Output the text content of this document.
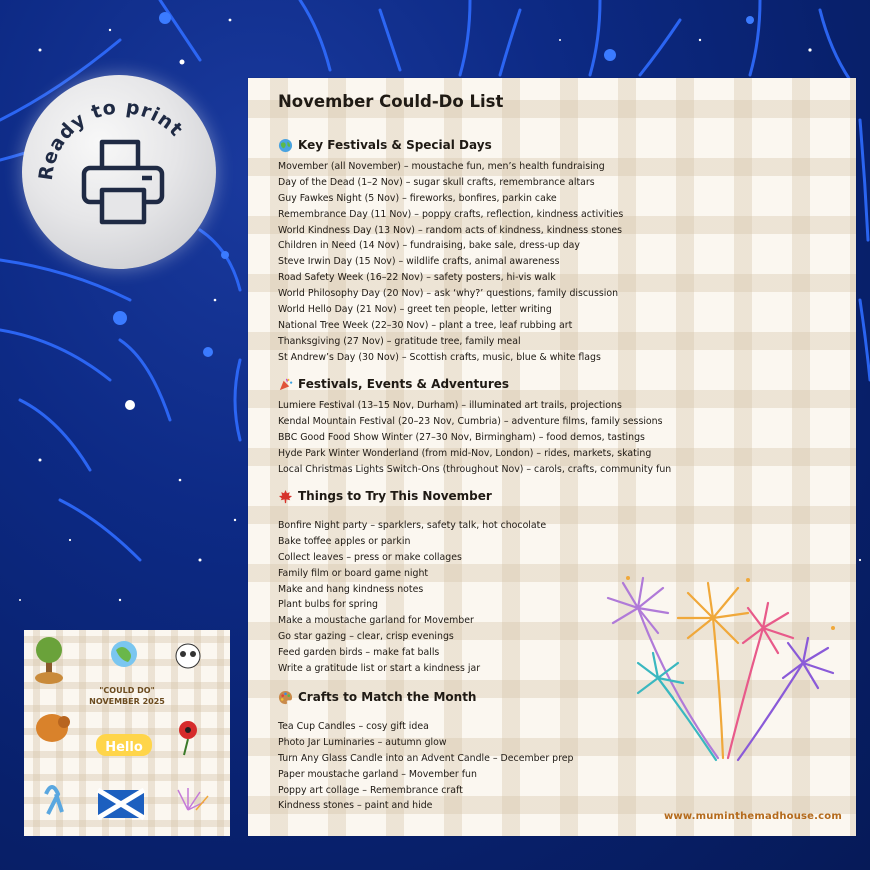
Ready to print
Hello
"COULD DO"
NOVEMBER 2025
November Could-Do List
Key Festivals & Special Days
Movember (all November) – moustache fun, men’s health fundraising
Day of the Dead (1–2 Nov) – sugar skull crafts, remembrance altars
Guy Fawkes Night (5 Nov) – fireworks, bonfires, parkin cake
Remembrance Day (11 Nov) – poppy crafts, reflection, kindness activities
World Kindness Day (13 Nov) – random acts of kindness, kindness stones
Children in Need (14 Nov) – fundraising, bake sale, dress-up day
Steve Irwin Day (15 Nov) – wildlife crafts, animal awareness
Road Safety Week (16–22 Nov) – safety posters, hi-vis walk
World Philosophy Day (20 Nov) – ask ‘why?’ questions, family discussion
World Hello Day (21 Nov) – greet ten people, letter writing
National Tree Week (22–30 Nov) – plant a tree, leaf rubbing art
Thanksgiving (27 Nov) – gratitude tree, family meal
St Andrew’s Day (30 Nov) – Scottish crafts, music, blue & white flags
Festivals, Events & Adventures
Lumiere Festival (13–15 Nov, Durham) – illuminated art trails, projections
Kendal Mountain Festival (20–23 Nov, Cumbria) – adventure films, family sessions
BBC Good Food Show Winter (27–30 Nov, Birmingham) – food demos, tastings
Hyde Park Winter Wonderland (from mid-Nov, London) – rides, markets, skating
Local Christmas Lights Switch-Ons (throughout Nov) – carols, crafts, community fun
Things to Try This November
Bonfire Night party – sparklers, safety talk, hot chocolate
Bake toffee apples or parkin
Collect leaves – press or make collages
Family film or board game night
Make and hang kindness notes
Plant bulbs for spring
Make a moustache garland for Movember
Go star gazing – clear, crisp evenings
Feed garden birds – make fat balls
Write a gratitude list or start a kindness jar
Crafts to Match the Month
Tea Cup Candles – cosy gift idea
Photo Jar Luminaries – autumn glow
Turn Any Glass Candle into an Advent Candle – December prep
Paper moustache garland – Movember fun
Poppy art collage – Remembrance craft
Kindness stones – paint and hide
www.muminthemadhouse.com
